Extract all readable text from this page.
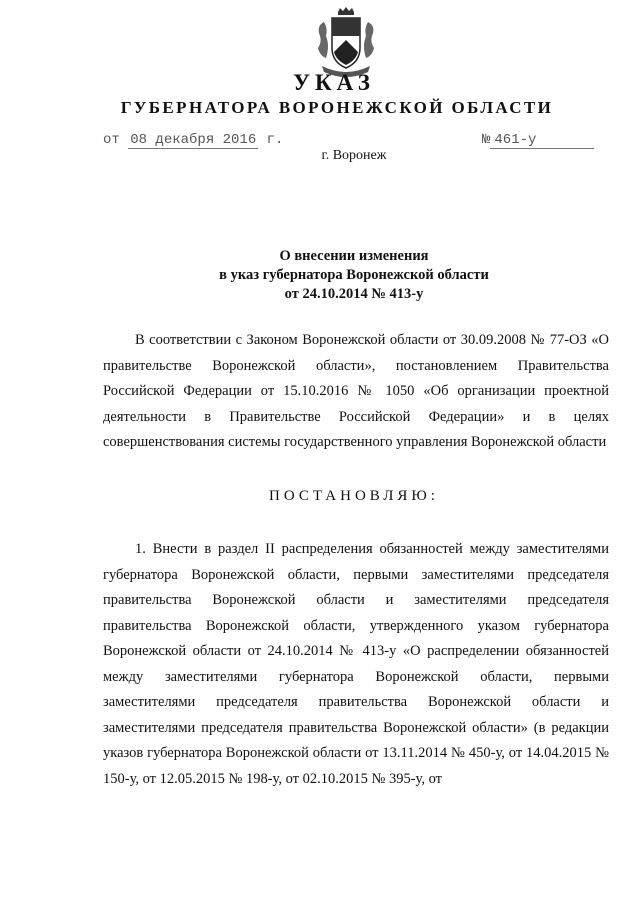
УКАЗ
ГУБЕРНАТОРА ВОРОНЕЖСКОЙ ОБЛАСТИ
от 08 декабря 2016 г.	№ 461-у
г. Воронеж
О внесении изменения
в указ губернатора Воронежской области
от 24.10.2014 № 413-у

В соответствии с Законом Воронежской области от 30.09.2008 № 77-ОЗ «О правительстве Воронежской области», постановлением Правительства Российской Федерации от 15.10.2016 № 1050 «Об организации проектной деятельности в Правительстве Российской Федерации» и в целях совершенствования системы государственного управления Воронежской области

ПОСТАНОВЛЯЮ:

1. Внести в раздел II распределения обязанностей между заместителями губернатора Воронежской области, первыми заместителями председателя правительства Воронежской области и заместителями председателя правительства Воронежской области, утвержденного указом губернатора Воронежской области от 24.10.2014 № 413-у «О распределении обязанностей между заместителями губернатора Воронежской области, первыми заместителями председателя правительства Воронежской области и заместителями председателя правительства Воронежской области» (в редакции указов губернатора Воронежской области от 13.11.2014 № 450-у, от 14.04.2015 № 150-у, от 12.05.2015 № 198-у, от 02.10.2015 № 395-у, от
